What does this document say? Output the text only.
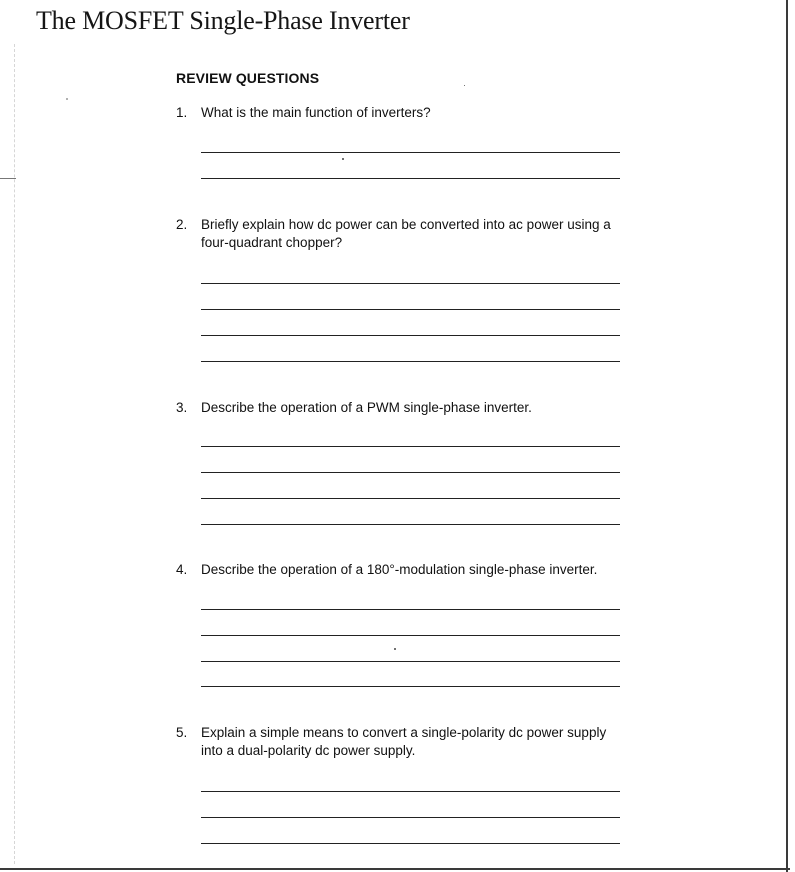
The MOSFET Single-Phase Inverter
REVIEW QUESTIONS
1.	What is the main function of inverters?
2.	Briefly explain how dc power can be converted into ac power using a four-quadrant chopper?
3.	Describe the operation of a PWM single-phase inverter.
4.	Describe the operation of a 180°-modulation single-phase inverter.
5.	Explain a simple means to convert a single-polarity dc power supply into a dual-polarity dc power supply.
